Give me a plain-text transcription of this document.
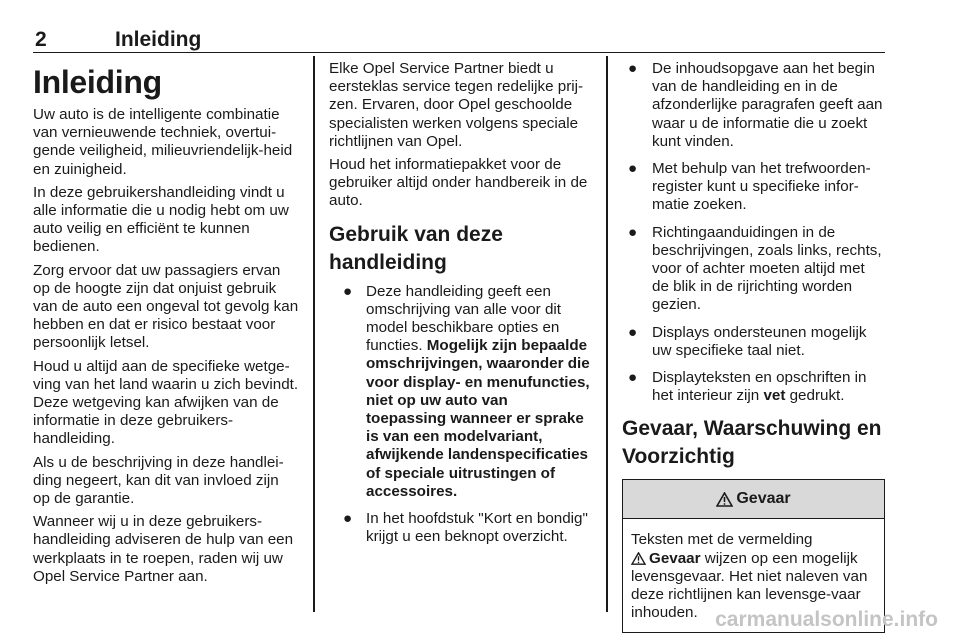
2	Inleiding
Inleiding

Uw auto is de intelligente combinatie van vernieuwende techniek, overtui-gende veiligheid, milieuvriendelijk-heid en zuinigheid.

In deze gebruikershandleiding vindt u alle informatie die u nodig hebt om uw auto veilig en efficiënt te kunnen bedienen.

Zorg ervoor dat uw passagiers ervan op de hoogte zijn dat onjuist gebruik van de auto een ongeval tot gevolg kan hebben en dat er risico bestaat voor persoonlijk letsel.

Houd u altijd aan de specifieke wetge-ving van het land waarin u zich bevindt. Deze wetgeving kan afwijken van de informatie in deze gebruikers-handleiding.

Als u de beschrijving in deze handlei-ding negeert, kan dit van invloed zijn op de garantie.

Wanneer wij u in deze gebruikers-handleiding adviseren de hulp van een werkplaats in te roepen, raden wij uw Opel Service Partner aan.

Elke Opel Service Partner biedt u eersteklas service tegen redelijke prij-zen. Ervaren, door Opel geschoolde specialisten werken volgens speciale richtlijnen van Opel.

Houd het informatiepakket voor de gebruiker altijd onder handbereik in de auto.

Gebruik van deze handleiding
● Deze handleiding geeft een omschrijving van alle voor dit model beschikbare opties en functies. Mogelijk zijn bepaalde omschrijvingen, waaronder die voor display- en menufuncties, niet op uw auto van toepassing wanneer er sprake is van een modelvariant, afwijkende landenspecificaties of speciale uitrustingen of accessoires.
● In het hoofdstuk "Kort en bondig" krijgt u een beknopt overzicht.
● De inhoudsopgave aan het begin van de handleiding en in de afzonderlijke paragrafen geeft aan waar u de informatie die u zoekt kunt vinden.
● Met behulp van het trefwoorden-register kunt u specifieke infor-matie zoeken.
● Richtingaanduidingen in de beschrijvingen, zoals links, rechts, voor of achter moeten altijd met de blik in de rijrichting worden gezien.
● Displays ondersteunen mogelijk uw specifieke taal niet.
● Displayteksten en opschriften in het interieur zijn vet gedrukt.
Gevaar, Waarschuwing en Voorzichtig
Gevaar

Teksten met de vermelding
Gevaar wijzen op een mogelijk levensgevaar. Het niet naleven van deze richtlijnen kan levensge-vaar inhouden. carmanualsonline.info
